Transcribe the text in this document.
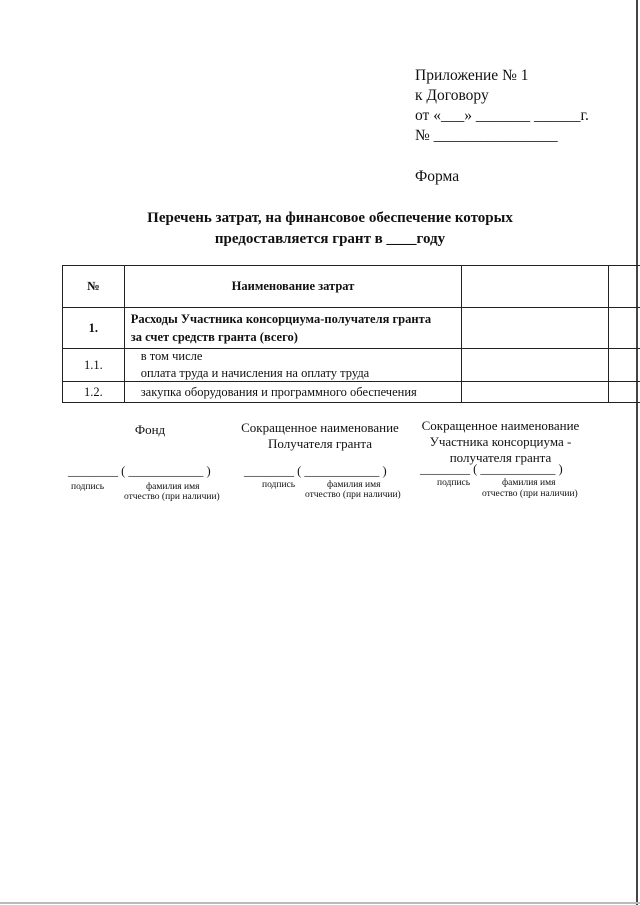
Приложение № 1
к Договору
от «___» _______ ______г.
№ ________________
Форма
Перечень затрат, на финансовое обеспечение которых
предоставляется грант в ____году
№	Наименование затрат		
1.	Расходы Участника консорциума-получателя гранта
за счет средств гранта (всего)		

1.1.	в том числе
оплата труда и начисления на оплату труда		

1.2.	закупка оборудования и программного обеспечения		
Фонд
________ ( ____________ )
подпись	фамилия имя
отчество (при наличии)
Сокращенное наименование
Получателя гранта
________ ( ____________ )
подпись	фамилия имя
отчество (при наличии)
Сокращенное наименование
Участника консорциума -
получателя гранта
________ ( ____________ )
подпись	фамилия имя
отчество (при наличии)
